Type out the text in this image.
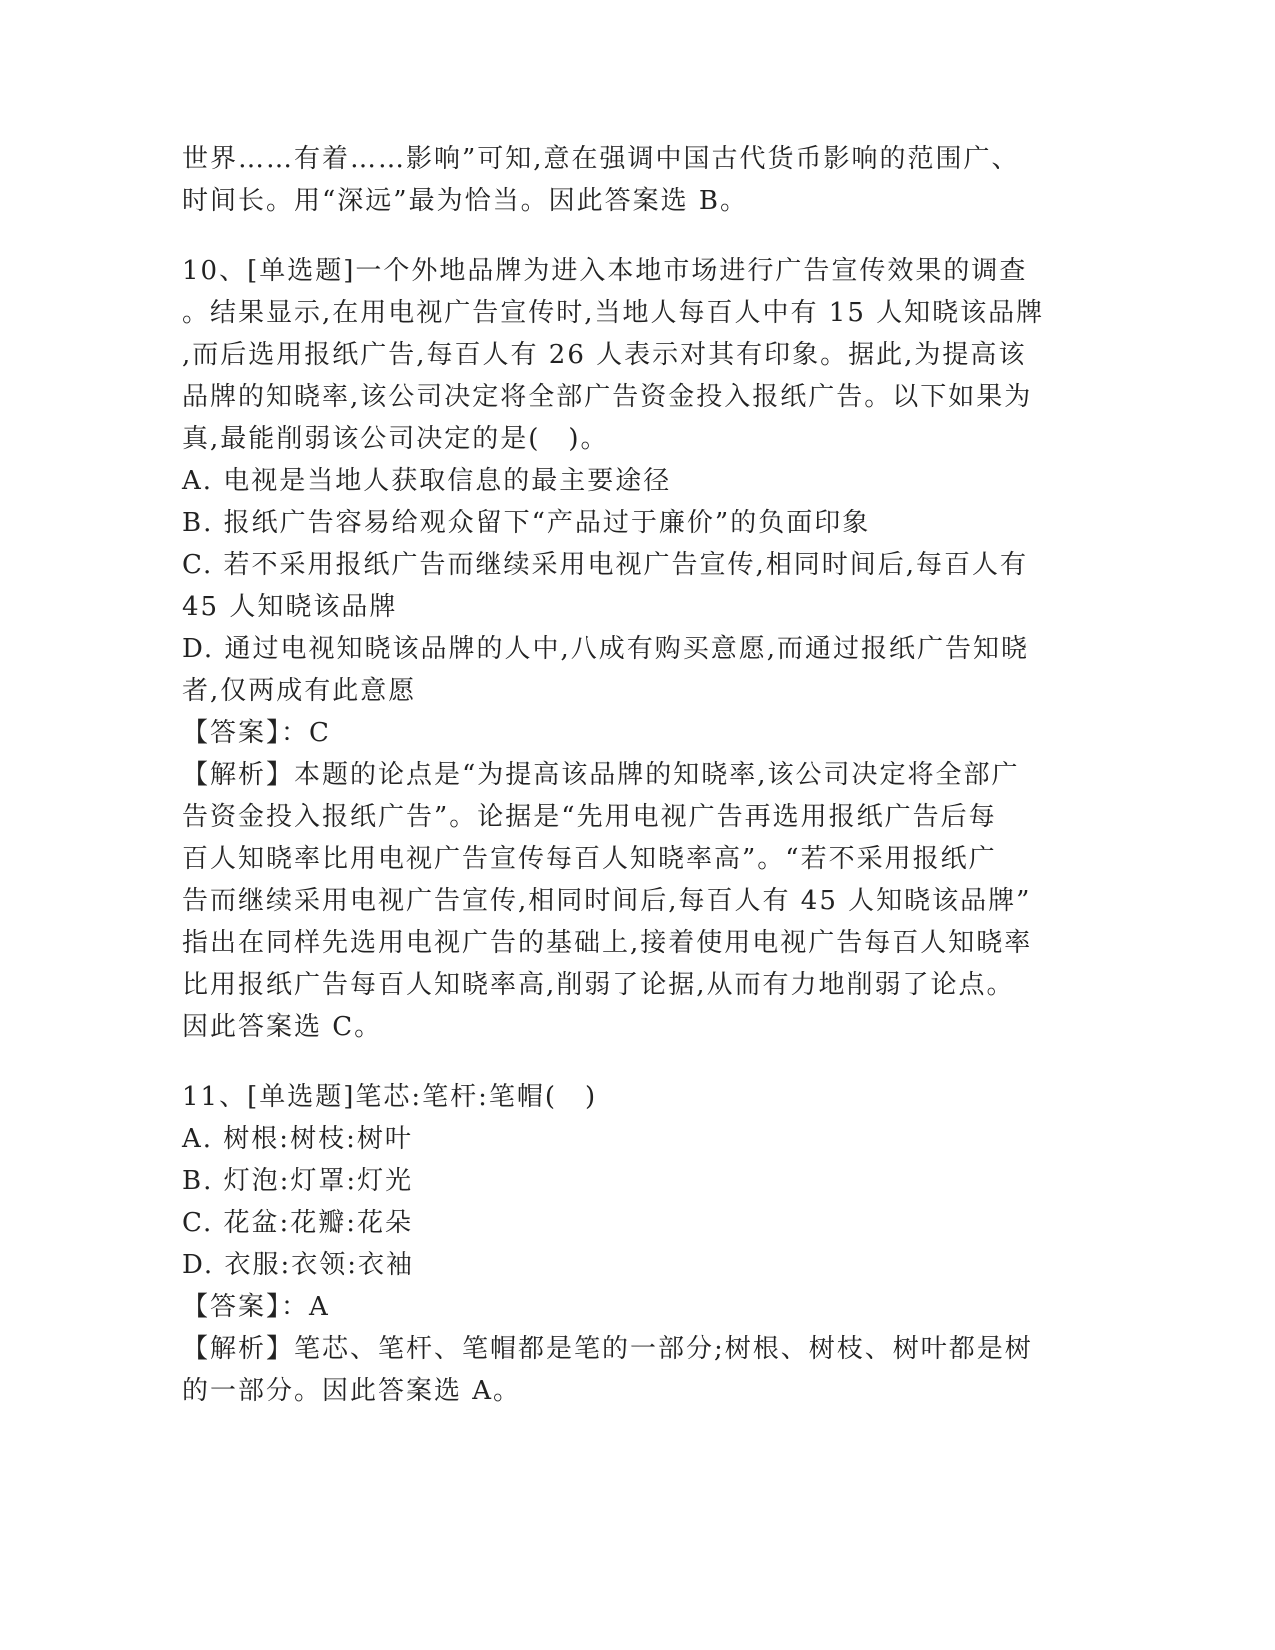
世界……有着……影响”可知,意在强调中国古代货币影响的范围广、
时间长。用“深远”最为恰当。因此答案选 B。
10、[单选题]一个外地品牌为进入本地市场进行广告宣传效果的调查
。结果显示,在用电视广告宣传时,当地人每百人中有 15 人知晓该品牌
,而后选用报纸广告,每百人有 26 人表示对其有印象。据此,为提高该
品牌的知晓率,该公司决定将全部广告资金投入报纸广告。以下如果为
真,最能削弱该公司决定的是(　)。
A. 电视是当地人获取信息的最主要途径
B. 报纸广告容易给观众留下“产品过于廉价”的负面印象
C. 若不采用报纸广告而继续采用电视广告宣传,相同时间后,每百人有
45 人知晓该品牌
D. 通过电视知晓该品牌的人中,八成有购买意愿,而通过报纸广告知晓
者,仅两成有此意愿
【答案】：C
【解析】本题的论点是“为提高该品牌的知晓率,该公司决定将全部广
告资金投入报纸广告”。论据是“先用电视广告再选用报纸广告后每
百人知晓率比用电视广告宣传每百人知晓率高”。“若不采用报纸广
告而继续采用电视广告宣传,相同时间后,每百人有 45 人知晓该品牌”
指出在同样先选用电视广告的基础上,接着使用电视广告每百人知晓率
比用报纸广告每百人知晓率高,削弱了论据,从而有力地削弱了论点。
因此答案选 C。
11、[单选题]笔芯:笔杆:笔帽(　)
A. 树根:树枝:树叶
B. 灯泡:灯罩:灯光
C. 花盆:花瓣:花朵
D. 衣服:衣领:衣袖
【答案】：A
【解析】笔芯、笔杆、笔帽都是笔的一部分;树根、树枝、树叶都是树
的一部分。因此答案选 A。
